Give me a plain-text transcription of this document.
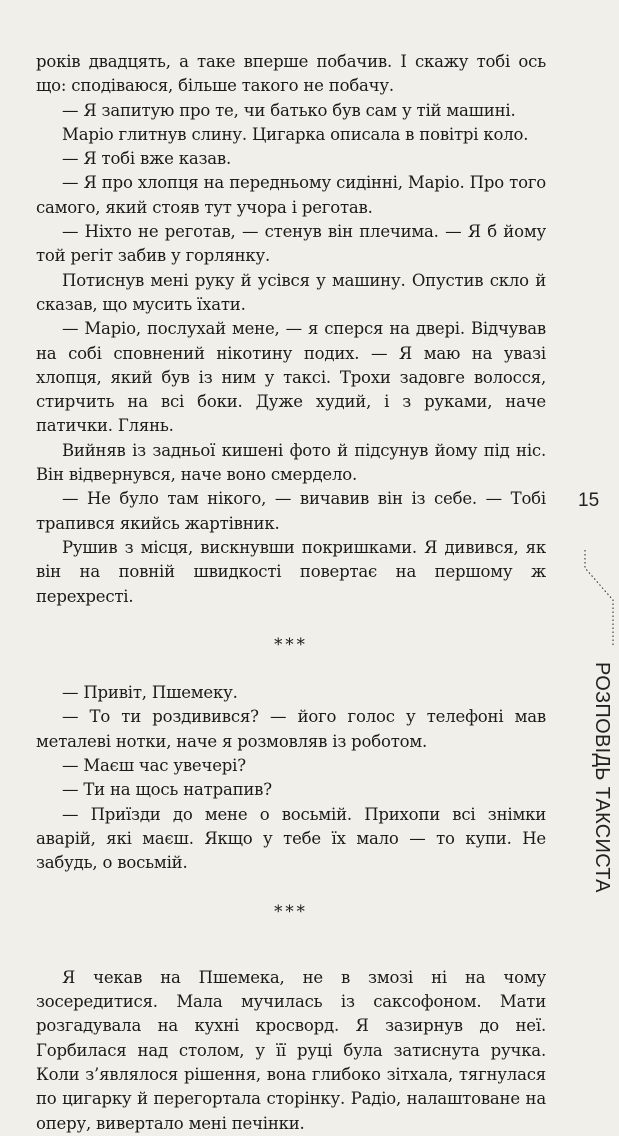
років двадцять, а таке вперше побачив. І скажу тобі ось що: сподіваюся, більше такого не побачу.

— Я запитую про те, чи батько був сам у тій машині.

Маріо глитнув слину. Цигарка описала в повітрі коло.

— Я тобі вже казав.

— Я про хлопця на передньому сидінні, Маріо. Про того самого, який стояв тут учора і реготав.

— Ніхто не реготав, — стенув він плечима. — Я б йому той регіт забив у горлянку.

Потиснув мені руку й усівся у машину. Опустив скло й сказав, що мусить їхати.

— Маріо, послухай мене, — я сперся на двері. Відчував на собі сповнений нікотину подих. — Я маю на увазі хлопця, який був із ним у таксі. Трохи задовге волосся, стирчить на всі боки. Дуже худий, і з руками, наче патички. Глянь.

Вийняв із задньої кишені фото й підсунув йому під ніс. Він відвернувся, наче воно смердело.

— Не було там нікого, — вичавив він із себе. — Тобі трапився якийсь жартівник.

Рушив з місця, вискнувши покришками. Я дивився, як він на повній швидкості повертає на першому ж перехресті.

***

— Привіт, Пшемеку.

— То ти роздивився? — його голос у телефоні мав металеві нотки, наче я розмовляв із роботом.

— Маєш час увечері?

— Ти на щось натрапив?

— Приїзди до мене о восьмій. Прихопи всі знімки аварій, які маєш. Якщо у тебе їх мало — то купи. Не забудь, о восьмій.

***

Я чекав на Пшемека, не в змозі ні на чому зосередитися. Мала мучилась із саксофоном. Мати розгадувала на кухні кросворд. Я зазирнув до неї. Горбилася над столом, у її руці була затиснута ручка. Коли з’являлося рішення, вона глибоко зітхала, тягнулася по цигарку й перегортала сторінку. Радіо, налаштоване на оперу, вивертало мені печінки.

15
РОЗПОВІДЬ ТАКСИСТА
